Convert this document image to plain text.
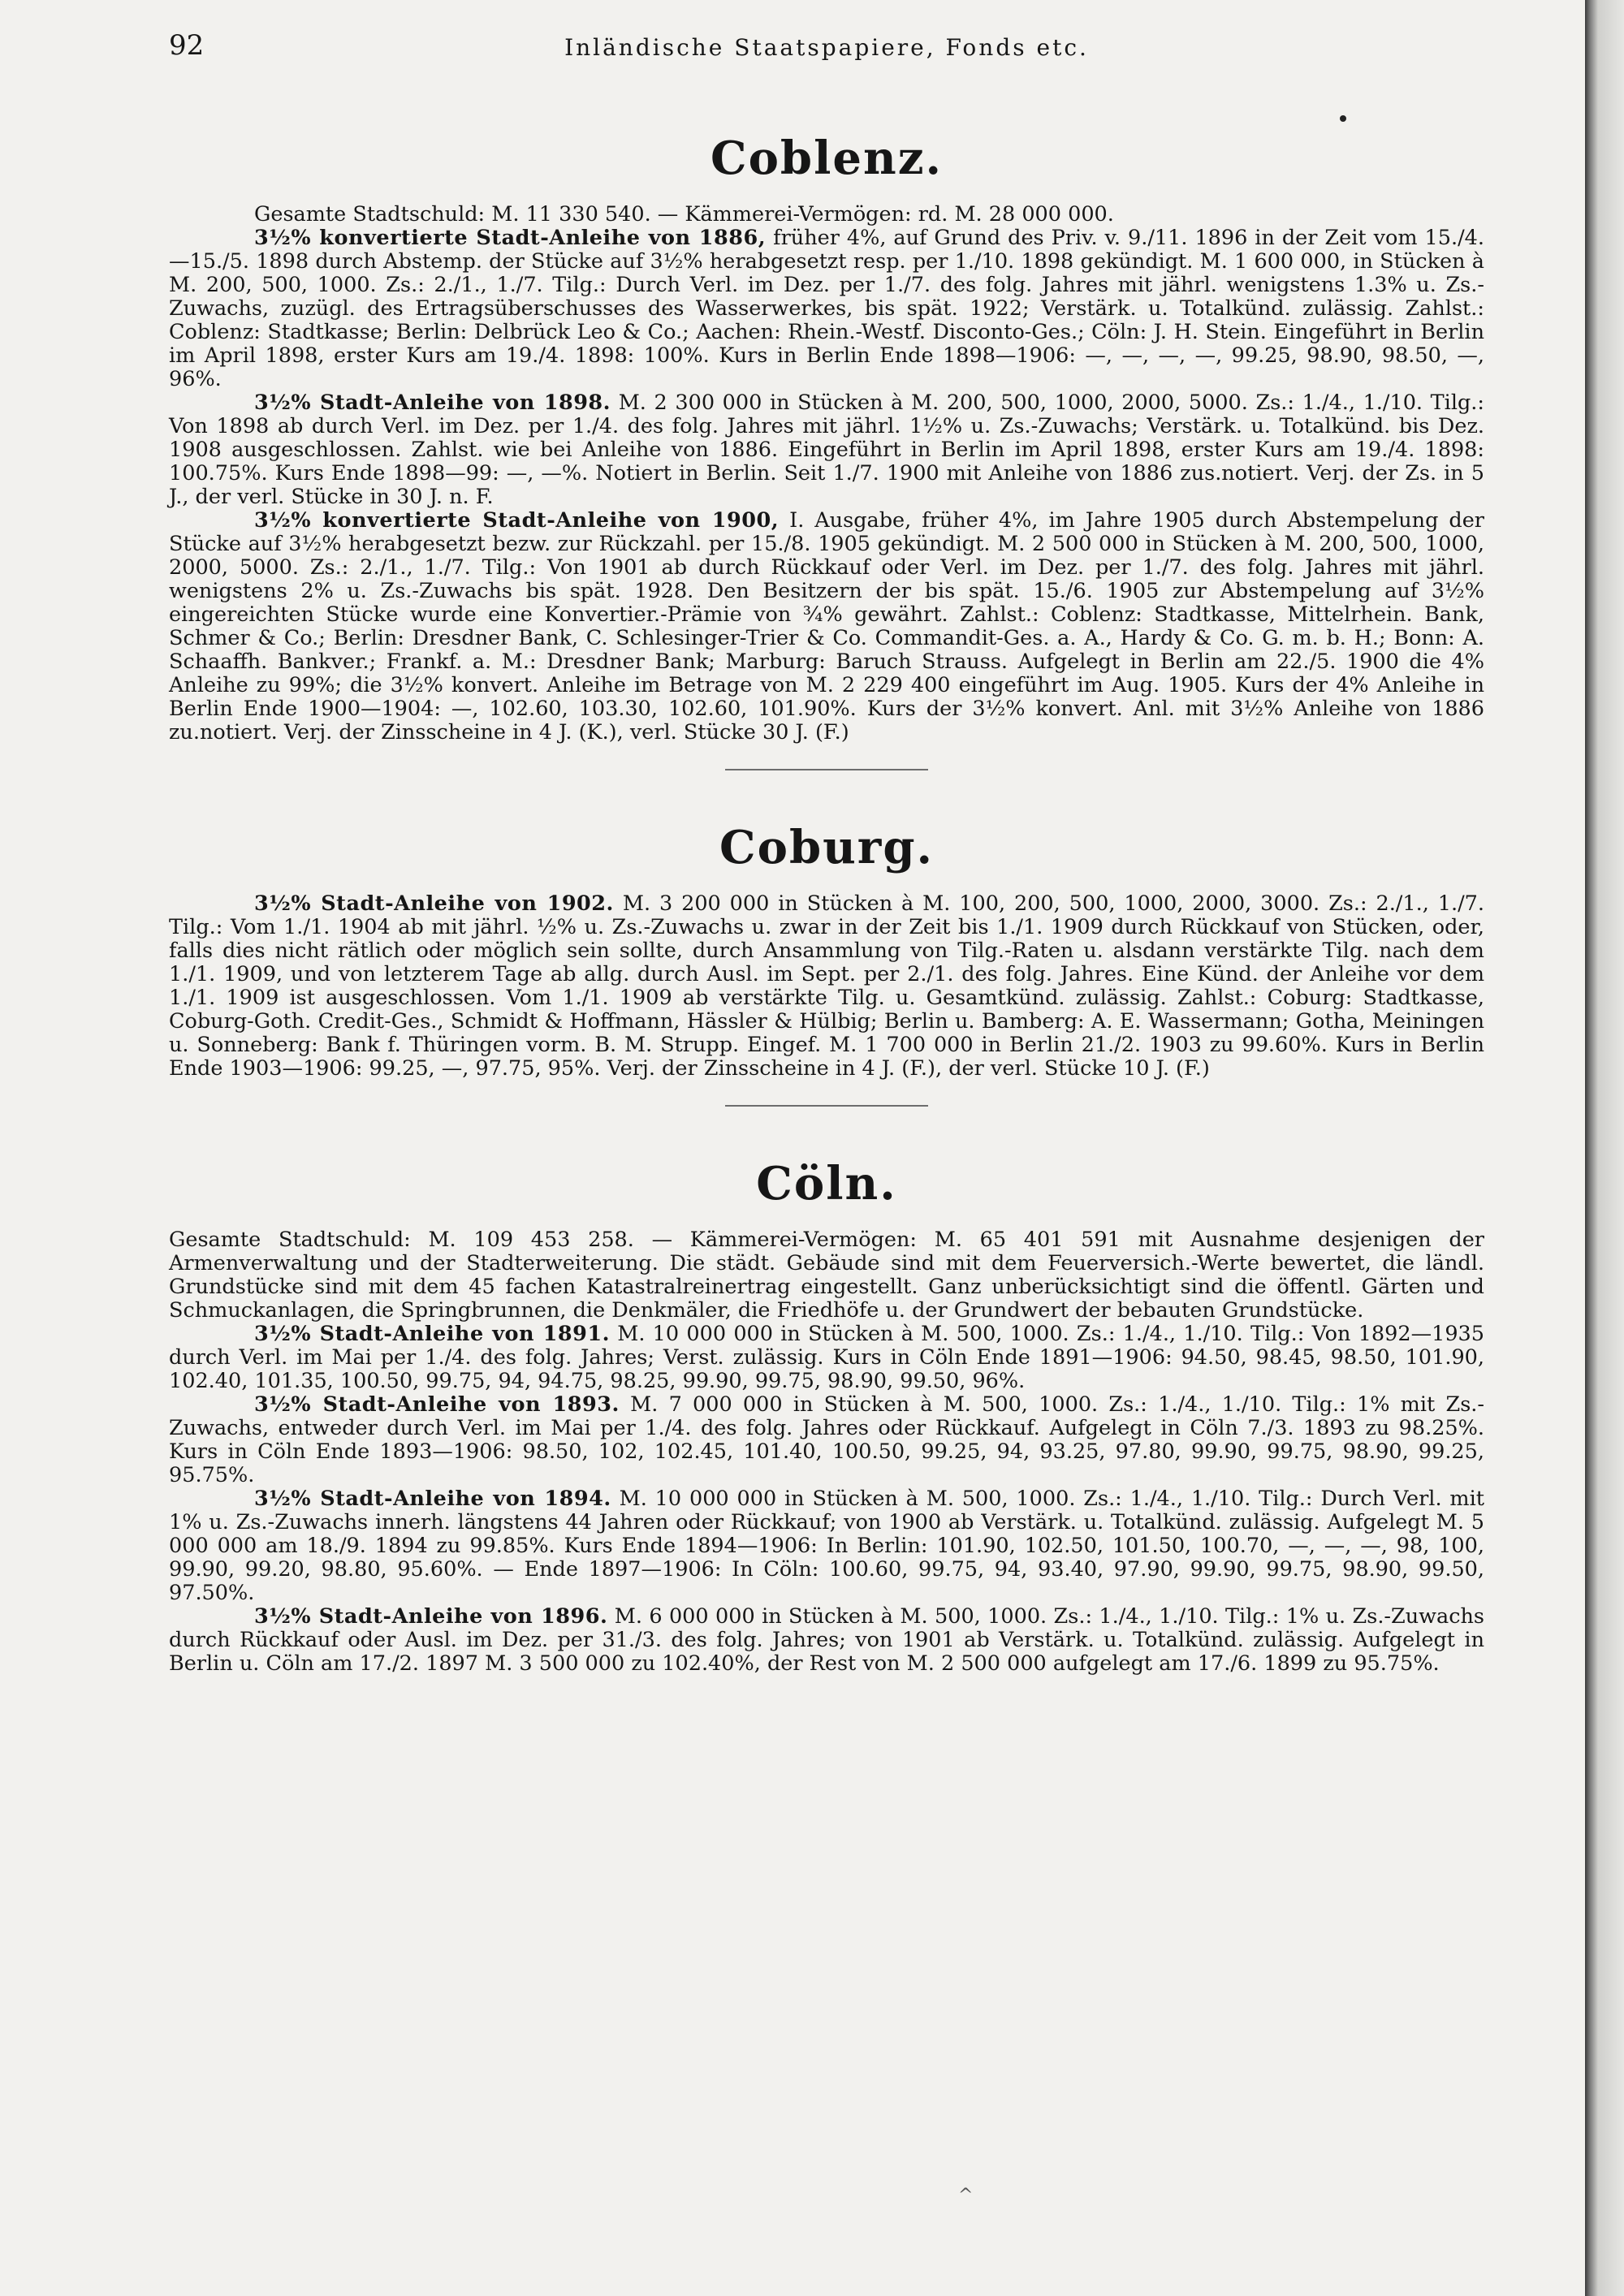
92	Inländische Staatspapiere, Fonds etc.
Coblenz.

Gesamte Stadtschuld: M. 11 330 540. — Kämmerei-Vermögen: rd. M. 28 000 000.

3½% konvertierte Stadt-Anleihe von 1886, früher 4%, auf Grund des Priv. v. 9./11. 1896 in der Zeit vom 15./4.—15./5. 1898 durch Abstemp. der Stücke auf 3½% herabgesetzt resp. per 1./10. 1898 gekündigt. M. 1 600 000, in Stücken à M. 200, 500, 1000. Zs.: 2./1., 1./7. Tilg.: Durch Verl. im Dez. per 1./7. des folg. Jahres mit jährl. wenigstens 1.3% u. Zs.-Zuwachs, zuzügl. des Ertragsüberschusses des Wasserwerkes, bis spät. 1922; Verstärk. u. Totalkünd. zulässig. Zahlst.: Coblenz: Stadtkasse; Berlin: Delbrück Leo & Co.; Aachen: Rhein.-Westf. Disconto-Ges.; Cöln: J. H. Stein. Eingeführt in Berlin im April 1898, erster Kurs am 19./4. 1898: 100%. Kurs in Berlin Ende 1898—1906: —, —, —, —, 99.25, 98.90, 98.50, —, 96%.

3½% Stadt-Anleihe von 1898. M. 2 300 000 in Stücken à M. 200, 500, 1000, 2000, 5000. Zs.: 1./4., 1./10. Tilg.: Von 1898 ab durch Verl. im Dez. per 1./4. des folg. Jahres mit jährl. 1½% u. Zs.-Zuwachs; Verstärk. u. Totalkünd. bis Dez. 1908 ausgeschlossen. Zahlst. wie bei Anleihe von 1886. Eingeführt in Berlin im April 1898, erster Kurs am 19./4. 1898: 100.75%. Kurs Ende 1898—99: —, —%. Notiert in Berlin. Seit 1./7. 1900 mit Anleihe von 1886 zus.notiert. Verj. der Zs. in 5 J., der verl. Stücke in 30 J. n. F.

3½% konvertierte Stadt-Anleihe von 1900, I. Ausgabe, früher 4%, im Jahre 1905 durch Abstempelung der Stücke auf 3½% herabgesetzt bezw. zur Rückzahl. per 15./8. 1905 gekündigt. M. 2 500 000 in Stücken à M. 200, 500, 1000, 2000, 5000. Zs.: 2./1., 1./7. Tilg.: Von 1901 ab durch Rückkauf oder Verl. im Dez. per 1./7. des folg. Jahres mit jährl. wenigstens 2% u. Zs.-Zuwachs bis spät. 1928. Den Besitzern der bis spät. 15./6. 1905 zur Abstempelung auf 3½% eingereichten Stücke wurde eine Konvertier.-Prämie von ¾% gewährt. Zahlst.: Coblenz: Stadtkasse, Mittelrhein. Bank, Schmer & Co.; Berlin: Dresdner Bank, C. Schlesinger-Trier & Co. Commandit-Ges. a. A., Hardy & Co. G. m. b. H.; Bonn: A. Schaaffh. Bankver.; Frankf. a. M.: Dresdner Bank; Marburg: Baruch Strauss. Aufgelegt in Berlin am 22./5. 1900 die 4% Anleihe zu 99%; die 3½% konvert. Anleihe im Betrage von M. 2 229 400 eingeführt im Aug. 1905. Kurs der 4% Anleihe in Berlin Ende 1900—1904: —, 102.60, 103.30, 102.60, 101.90%. Kurs der 3½% konvert. Anl. mit 3½% Anleihe von 1886 zu.notiert. Verj. der Zinsscheine in 4 J. (K.), verl. Stücke 30 J. (F.)

Coburg.

3½% Stadt-Anleihe von 1902. M. 3 200 000 in Stücken à M. 100, 200, 500, 1000, 2000, 3000. Zs.: 2./1., 1./7. Tilg.: Vom 1./1. 1904 ab mit jährl. ½% u. Zs.-Zuwachs u. zwar in der Zeit bis 1./1. 1909 durch Rückkauf von Stücken, oder, falls dies nicht rätlich oder möglich sein sollte, durch Ansammlung von Tilg.-Raten u. alsdann verstärkte Tilg. nach dem 1./1. 1909, und von letzterem Tage ab allg. durch Ausl. im Sept. per 2./1. des folg. Jahres. Eine Künd. der Anleihe vor dem 1./1. 1909 ist ausgeschlossen. Vom 1./1. 1909 ab verstärkte Tilg. u. Gesamtkünd. zulässig. Zahlst.: Coburg: Stadtkasse, Coburg-Goth. Credit-Ges., Schmidt & Hoffmann, Hässler & Hülbig; Berlin u. Bamberg: A. E. Wassermann; Gotha, Meiningen u. Sonneberg: Bank f. Thüringen vorm. B. M. Strupp. Eingef. M. 1 700 000 in Berlin 21./2. 1903 zu 99.60%. Kurs in Berlin Ende 1903—1906: 99.25, —, 97.75, 95%. Verj. der Zinsscheine in 4 J. (F.), der verl. Stücke 10 J. (F.)

Cöln.

Gesamte Stadtschuld: M. 109 453 258. — Kämmerei-Vermögen: M. 65 401 591 mit Ausnahme desjenigen der Armenverwaltung und der Stadterweiterung. Die städt. Gebäude sind mit dem Feuerversich.-Werte bewertet, die ländl. Grundstücke sind mit dem 45 fachen Katastralreinertrag eingestellt. Ganz unberücksichtigt sind die öffentl. Gärten und Schmuckanlagen, die Springbrunnen, die Denkmäler, die Friedhöfe u. der Grundwert der bebauten Grundstücke.

3½% Stadt-Anleihe von 1891. M. 10 000 000 in Stücken à M. 500, 1000. Zs.: 1./4., 1./10. Tilg.: Von 1892—1935 durch Verl. im Mai per 1./4. des folg. Jahres; Verst. zulässig. Kurs in Cöln Ende 1891—1906: 94.50, 98.45, 98.50, 101.90, 102.40, 101.35, 100.50, 99.75, 94, 94.75, 98.25, 99.90, 99.75, 98.90, 99.50, 96%.

3½% Stadt-Anleihe von 1893. M. 7 000 000 in Stücken à M. 500, 1000. Zs.: 1./4., 1./10. Tilg.: 1% mit Zs.-Zuwachs, entweder durch Verl. im Mai per 1./4. des folg. Jahres oder Rückkauf. Aufgelegt in Cöln 7./3. 1893 zu 98.25%. Kurs in Cöln Ende 1893—1906: 98.50, 102, 102.45, 101.40, 100.50, 99.25, 94, 93.25, 97.80, 99.90, 99.75, 98.90, 99.25, 95.75%.

3½% Stadt-Anleihe von 1894. M. 10 000 000 in Stücken à M. 500, 1000. Zs.: 1./4., 1./10. Tilg.: Durch Verl. mit 1% u. Zs.-Zuwachs innerh. längstens 44 Jahren oder Rückkauf; von 1900 ab Verstärk. u. Totalkünd. zulässig. Aufgelegt M. 5 000 000 am 18./9. 1894 zu 99.85%. Kurs Ende 1894—1906: In Berlin: 101.90, 102.50, 101.50, 100.70, —, —, —, 98, 100, 99.90, 99.20, 98.80, 95.60%. — Ende 1897—1906: In Cöln: 100.60, 99.75, 94, 93.40, 97.90, 99.90, 99.75, 98.90, 99.50, 97.50%.

3½% Stadt-Anleihe von 1896. M. 6 000 000 in Stücken à M. 500, 1000. Zs.: 1./4., 1./10. Tilg.: 1% u. Zs.-Zuwachs durch Rückkauf oder Ausl. im Dez. per 31./3. des folg. Jahres; von 1901 ab Verstärk. u. Totalkünd. zulässig. Aufgelegt in Berlin u. Cöln am 17./2. 1897 M. 3 500 000 zu 102.40%, der Rest von M. 2 500 000 aufgelegt am 17./6. 1899 zu 95.75%.

^
